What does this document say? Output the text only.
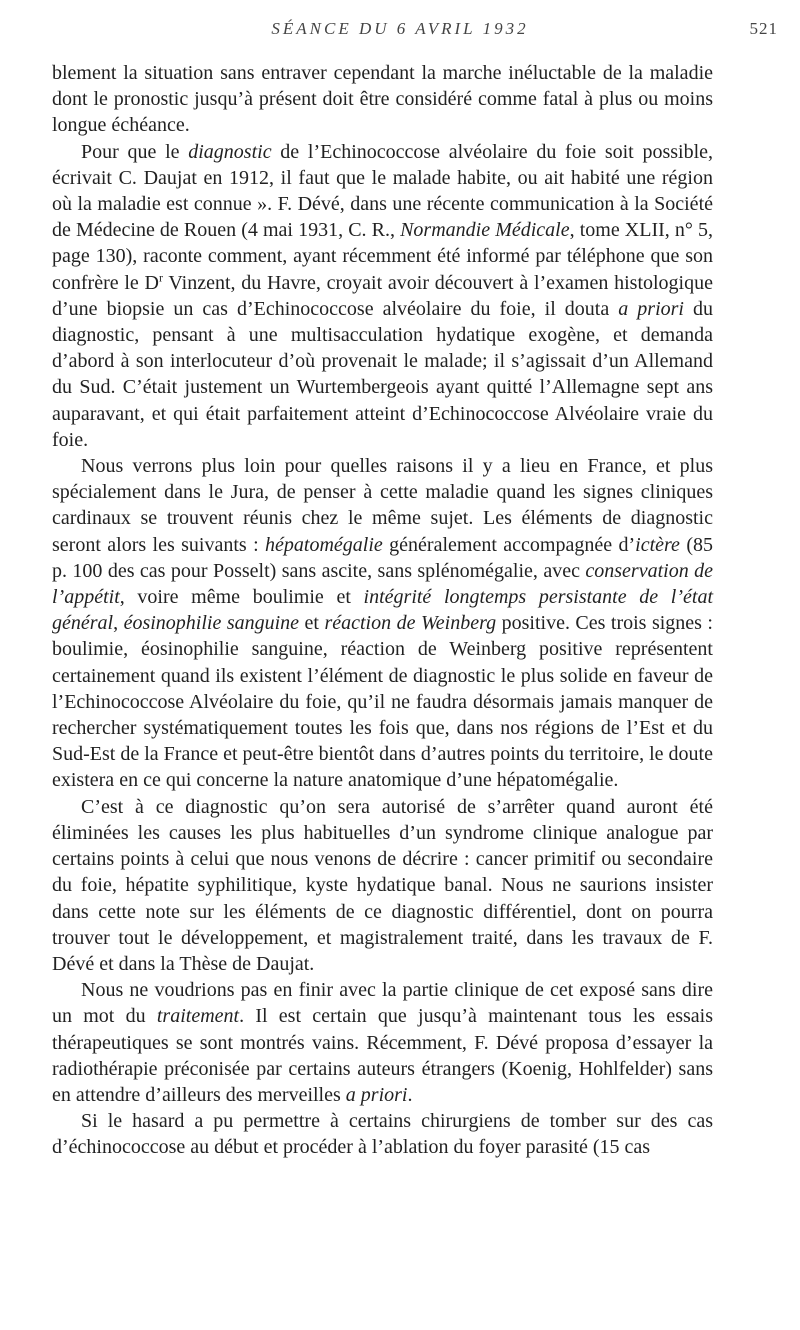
SÉANCE DU 6 AVRIL 1932	521

blement la situation sans entraver cependant la marche inéluctable de la maladie dont le pronostic jusqu’à présent doit être considéré comme fatal à plus ou moins longue échéance.

Pour que le diagnostic de l’Echinococcose alvéolaire du foie soit possible, écrivait C. Daujat en 1912, il faut que le malade habite, ou ait habité une région où la maladie est connue ». F. Dévé, dans une récente communication à la Société de Médecine de Rouen (4 mai 1931, C. R., Normandie Médicale, tome XLII, n° 5, page 130), raconte comment, ayant récemment été informé par téléphone que son confrère le $D^r$ Vinzent, du Havre, croyait avoir découvert à l’examen histologique d’une biopsie un cas d’Echinococcose alvéolaire du foie, il douta a priori du diagnostic, pensant à une multisacculation hydatique exogène, et demanda d’abord à son interlocuteur d’où provenait le malade; il s’agissait d’un Allemand du Sud. C’était justement un Wurtembergeois ayant quitté l’Allemagne sept ans auparavant, et qui était parfaitement atteint d’Echinococcose Alvéolaire vraie du foie.

Nous verrons plus loin pour quelles raisons il y a lieu en France, et plus spécialement dans le Jura, de penser à cette maladie quand les signes cliniques cardinaux se trouvent réunis chez le même sujet. Les éléments de diagnostic seront alors les suivants : hépatomégalie généralement accompagnée d’ictère (85 p. 100 des cas pour Posselt) sans ascite, sans splénomégalie, avec conservation de l’appétit, voire même boulimie et intégrité longtemps persistante de l’état général, éosinophilie sanguine et réaction de Weinberg positive. Ces trois signes : boulimie, éosinophilie sanguine, réaction de Weinberg positive représentent certainement quand ils existent l’élément de diagnostic le plus solide en faveur de l’Echinococcose Alvéolaire du foie, qu’il ne faudra désormais jamais manquer de rechercher systématiquement toutes les fois que, dans nos régions de l’Est et du Sud-Est de la France et peut-être bientôt dans d’autres points du territoire, le doute existera en ce qui concerne la nature anatomique d’une hépatomégalie.

C’est à ce diagnostic qu’on sera autorisé de s’arrêter quand auront été éliminées les causes les plus habituelles d’un syndrome clinique analogue par certains points à celui que nous venons de décrire : cancer primitif ou secondaire du foie, hépatite syphilitique, kyste hydatique banal. Nous ne saurions insister dans cette note sur les éléments de ce diagnostic différentiel, dont on pourra trouver tout le développement, et magistralement traité, dans les travaux de F. Dévé et dans la Thèse de Daujat.

Nous ne voudrions pas en finir avec la partie clinique de cet exposé sans dire un mot du traitement. Il est certain que jusqu’à maintenant tous les essais thérapeutiques se sont montrés vains. Récemment, F. Dévé proposa d’essayer la radiothérapie préconisée par certains auteurs étrangers (Koenig, Hohlfelder) sans en attendre d’ailleurs des merveilles a priori.

Si le hasard a pu permettre à certains chirurgiens de tomber sur des cas d’échinococcose au début et procéder à l’ablation du foyer parasité (15 cas
